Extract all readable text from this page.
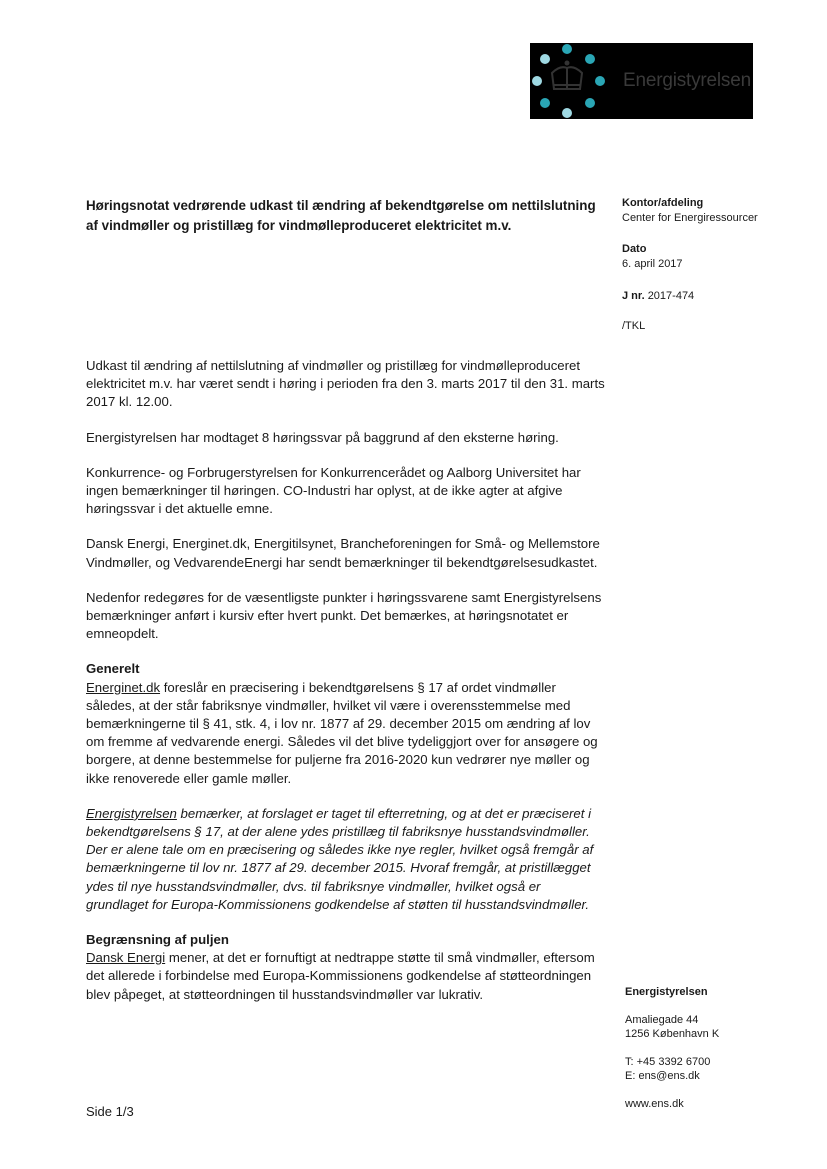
Energistyrelsen
Høringsnotat vedrørende udkast til ændring af bekendtgørelse om nettilslutning af vindmøller og pristillæg for vindmølleproduceret elektricitet m.v.
Kontor/afdeling
Center for Energiressourcer
Dato
6. april 2017
J nr. 2017-474
/TKL

Udkast til ændring af nettilslutning af vindmøller og pristillæg for vindmølleproduceret elektricitet m.v. har været sendt i høring i perioden fra den 3. marts 2017 til den 31. marts 2017 kl. 12.00.

Energistyrelsen har modtaget 8 høringssvar på baggrund af den eksterne høring.

Konkurrence- og Forbrugerstyrelsen for Konkurrencerådet og Aalborg Universitet har ingen bemærkninger til høringen. CO-Industri har oplyst, at de ikke agter at afgive høringssvar i det aktuelle emne.

Dansk Energi, Energinet.dk, Energitilsynet, Brancheforeningen for Små- og Mellemstore Vindmøller, og VedvarendeEnergi har sendt bemærkninger til bekendtgørelsesudkastet.

Nedenfor redegøres for de væsentligste punkter i høringssvarene samt Energistyrelsens bemærkninger anført i kursiv efter hvert punkt. Det bemærkes, at høringsnotatet er emneopdelt.

Generelt

Energinet.dk foreslår en præcisering i bekendtgørelsens § 17 af ordet vindmøller således, at der står fabriksnye vindmøller, hvilket vil være i overensstemmelse med bemærkningerne til § 41, stk. 4, i lov nr. 1877 af 29. december 2015 om ændring af lov om fremme af vedvarende energi. Således vil det blive tydeliggjort over for ansøgere og borgere, at denne bestemmelse for puljerne fra 2016-2020 kun vedrører nye møller og ikke renoverede eller gamle møller.

Energistyrelsen bemærker, at forslaget er taget til efterretning, og at det er præciseret i bekendtgørelsens § 17, at der alene ydes pristillæg til fabriksnye husstandsvindmøller. Der er alene tale om en præcisering og således ikke nye regler, hvilket også fremgår af bemærkningerne til lov nr. 1877 af 29. december 2015. Hvoraf fremgår, at pristillægget ydes til nye husstandsvindmøller, dvs. til fabriksnye vindmøller, hvilket også er grundlaget for Europa-Kommissionens godkendelse af støtten til husstandsvindmøller.

Begrænsning af puljen

Dansk Energi mener, at det er fornuftigt at nedtrappe støtte til små vindmøller, eftersom det allerede i forbindelse med Europa-Kommissionens godkendelse af støtteordningen blev påpeget, at støtteordningen til husstandsvindmøller var lukrativ.	Energistyrelsen
Amaliegade 44
1256 København K
T: +45 3392 6700
E: ens@ens.dk
www.ens.dk
Side 1/3
